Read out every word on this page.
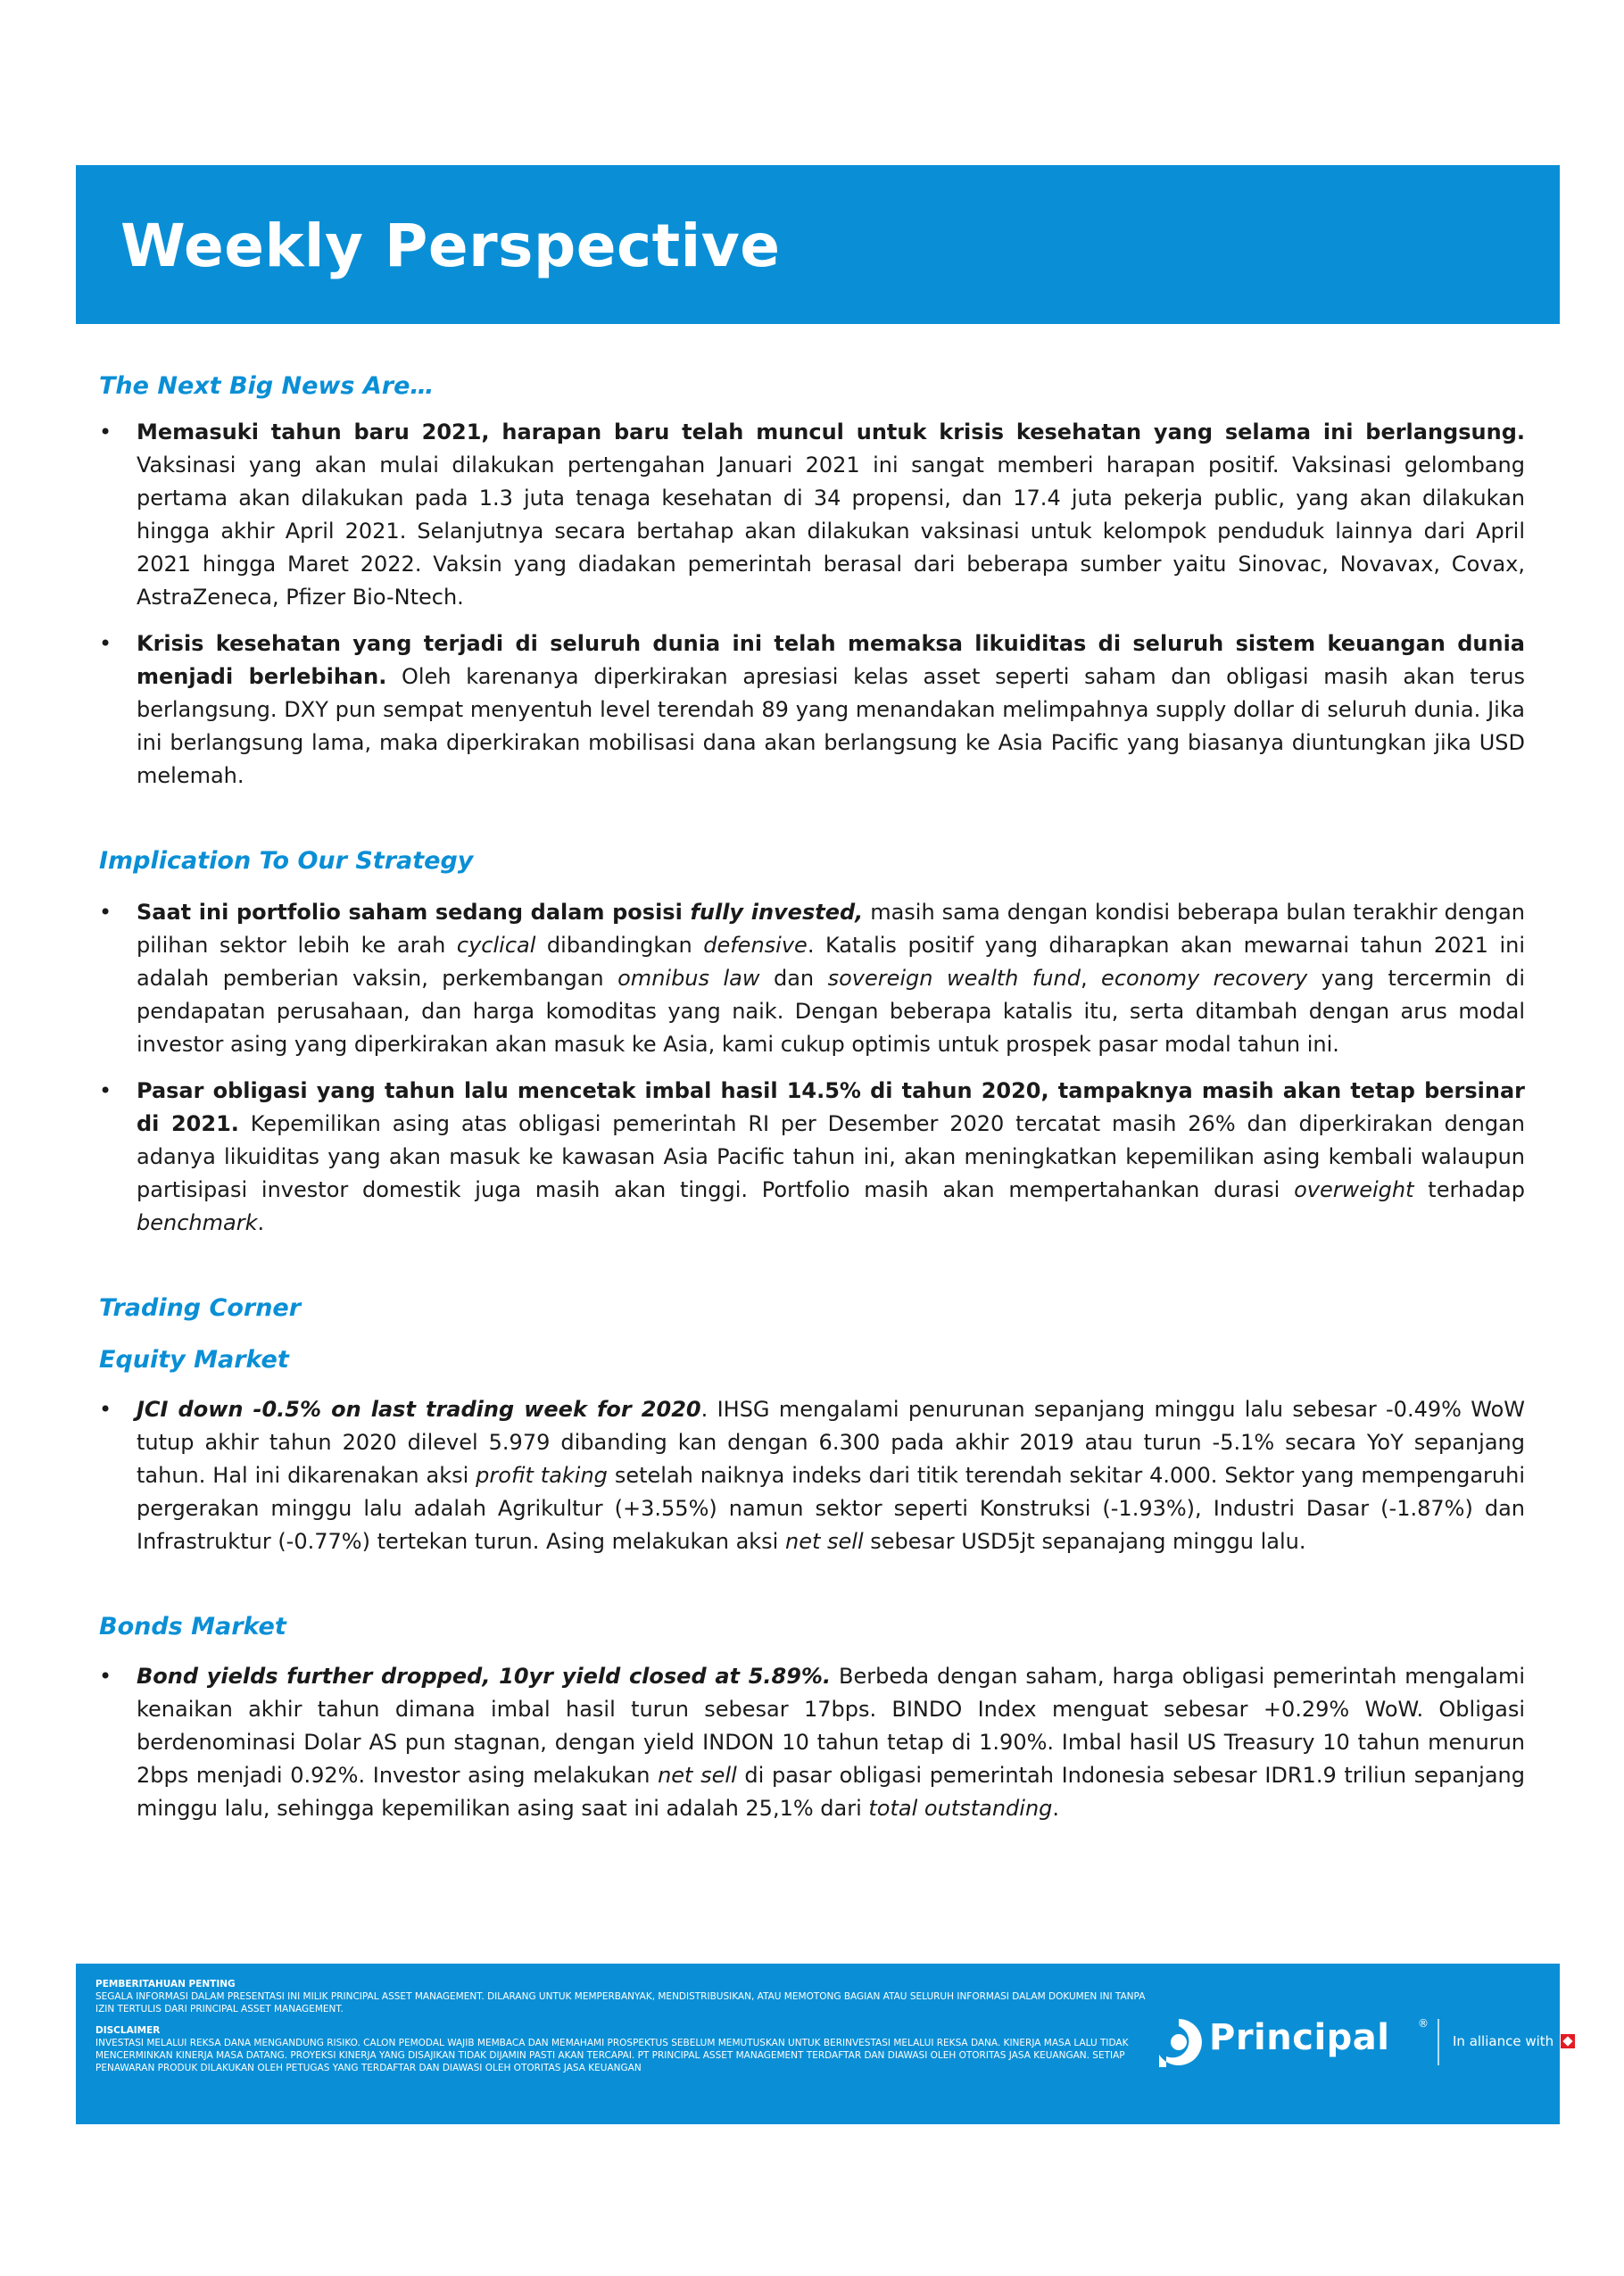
Weekly Perspective
The Next Big News Are…
• Memasuki tahun baru 2021, harapan baru telah muncul untuk krisis kesehatan yang selama ini berlangsung. Vaksinasi yang akan mulai dilakukan pertengahan Januari 2021 ini sangat memberi harapan positif. Vaksinasi gelombang pertama akan dilakukan pada 1.3 juta tenaga kesehatan di 34 propensi, dan 17.4 juta pekerja public, yang akan dilakukan hingga akhir April 2021. Selanjutnya secara bertahap akan dilakukan vaksinasi untuk kelompok penduduk lainnya dari April 2021 hingga Maret 2022. Vaksin yang diadakan pemerintah berasal dari beberapa sumber yaitu Sinovac, Novavax, Covax, AstraZeneca, Pfizer Bio-Ntech.
• Krisis kesehatan yang terjadi di seluruh dunia ini telah memaksa likuiditas di seluruh sistem keuangan dunia menjadi berlebihan. Oleh karenanya diperkirakan apresiasi kelas asset seperti saham dan obligasi masih akan terus berlangsung. DXY pun sempat menyentuh level terendah 89 yang menandakan melimpahnya supply dollar di seluruh dunia. Jika ini berlangsung lama, maka diperkirakan mobilisasi dana akan berlangsung ke Asia Pacific yang biasanya diuntungkan jika USD melemah.
Implication To Our Strategy
• Saat ini portfolio saham sedang dalam posisi fully invested, masih sama dengan kondisi beberapa bulan terakhir dengan pilihan sektor lebih ke arah cyclical dibandingkan defensive. Katalis positif yang diharapkan akan mewarnai tahun 2021 ini adalah pemberian vaksin, perkembangan omnibus law dan sovereign wealth fund, economy recovery yang tercermin di pendapatan perusahaan, dan harga komoditas yang naik. Dengan beberapa katalis itu, serta ditambah dengan arus modal investor asing yang diperkirakan akan masuk ke Asia, kami cukup optimis untuk prospek pasar modal tahun ini.
• Pasar obligasi yang tahun lalu mencetak imbal hasil 14.5% di tahun 2020, tampaknya masih akan tetap bersinar di 2021. Kepemilikan asing atas obligasi pemerintah RI per Desember 2020 tercatat masih 26% dan diperkirakan dengan adanya likuiditas yang akan masuk ke kawasan Asia Pacific tahun ini, akan meningkatkan kepemilikan asing kembali walaupun partisipasi investor domestik juga masih akan tinggi. Portfolio masih akan mempertahankan durasi overweight terhadap benchmark.
Trading Corner
Equity Market
• JCI down -0.5% on last trading week for 2020. IHSG mengalami penurunan sepanjang minggu lalu sebesar -0.49% WoW tutup akhir tahun 2020 dilevel 5.979 dibanding kan dengan 6.300 pada akhir 2019 atau turun -5.1% secara YoY sepanjang tahun. Hal ini dikarenakan aksi profit taking setelah naiknya indeks dari titik terendah sekitar 4.000. Sektor yang mempengaruhi pergerakan minggu lalu adalah Agrikultur (+3.55%) namun sektor seperti Konstruksi (-1.93%), Industri Dasar (-1.87%) dan Infrastruktur (-0.77%) tertekan turun. Asing melakukan aksi net sell sebesar USD5jt sepanajang minggu lalu.
Bonds Market
• Bond yields further dropped, 10yr yield closed at 5.89%. Berbeda dengan saham, harga obligasi pemerintah mengalami kenaikan akhir tahun dimana imbal hasil turun sebesar 17bps. BINDO Index menguat sebesar +0.29% WoW. Obligasi berdenominasi Dolar AS pun stagnan, dengan yield INDON 10 tahun tetap di 1.90%. Imbal hasil US Treasury 10 tahun menurun 2bps menjadi 0.92%. Investor asing melakukan net sell di pasar obligasi pemerintah Indonesia sebesar IDR1.9 triliun sepanjang minggu lalu, sehingga kepemilikan asing saat ini adalah 25,1% dari total outstanding.

PEMBERITAHUAN PENTING

SEGALA INFORMASI DALAM PRESENTASI INI MILIK PRINCIPAL ASSET MANAGEMENT. DILARANG UNTUK MEMPERBANYAK, MENDISTRIBUSIKAN, ATAU MEMOTONG BAGIAN ATAU SELURUH INFORMASI DALAM DOKUMEN INI TANPA IZIN TERTULIS DARI PRINCIPAL ASSET MANAGEMENT.

DISCLAIMER

INVESTASI MELALUI REKSA DANA MENGANDUNG RISIKO. CALON PEMODAL WAJIB MEMBACA DAN MEMAHAMI PROSPEKTUS SEBELUM MEMUTUSKAN UNTUK BERINVESTASI MELALUI REKSA DANA. KINERJA MASA LALU TIDAK MENCERMINKAN KINERJA MASA DATANG. PROYEKSI KINERJA YANG DISAJIKAN TIDAK DIJAMIN PASTI AKAN TERCAPAI. PT PRINCIPAL ASSET MANAGEMENT TERDAFTAR DAN DIAWASI OLEH OTORITAS JASA KEUANGAN. SETIAP PENAWARAN PRODUK DILAKUKAN OLEH PETUGAS YANG TERDAFTAR DAN DIAWASI OLEH OTORITAS JASA KEUANGAN

Principal	®
In alliance with CIMB
